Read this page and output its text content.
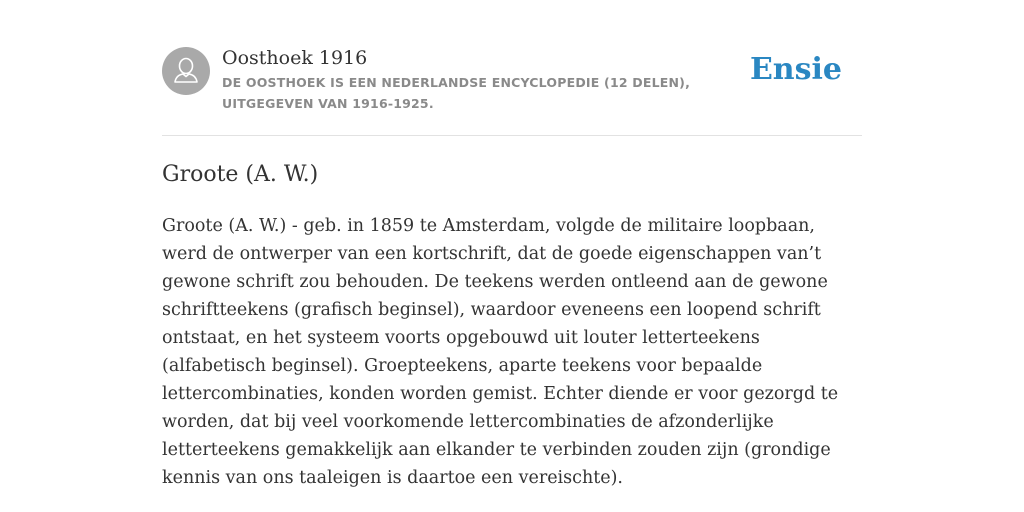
Oosthoek 1916
DE OOSTHOEK IS EEN NEDERLANDSE ENCYCLOPEDIE (12 DELEN), UITGEGEVEN VAN 1916-1925.
Ensie
Groote (A. W.)

Groote (A. W.) - geb. in 1859 te Amsterdam, volgde de militaire loopbaan, werd de ontwerper van een kortschrift, dat de goede eigenschappen van’t gewone schrift zou behouden. De teekens werden ontleend aan de gewone schriftteekens (grafisch beginsel), waardoor eveneens een loopend schrift ontstaat, en het systeem voorts opgebouwd uit louter letterteekens (alfabetisch beginsel). Groepteekens, aparte teekens voor bepaalde lettercombinaties, konden worden gemist. Echter diende er voor gezorgd te worden, dat bij veel voorkomende lettercombinaties de afzonderlijke letterteekens gemakkelijk aan elkander te verbinden zouden zijn (grondige kennis van ons taaleigen is daartoe een vereischte).
